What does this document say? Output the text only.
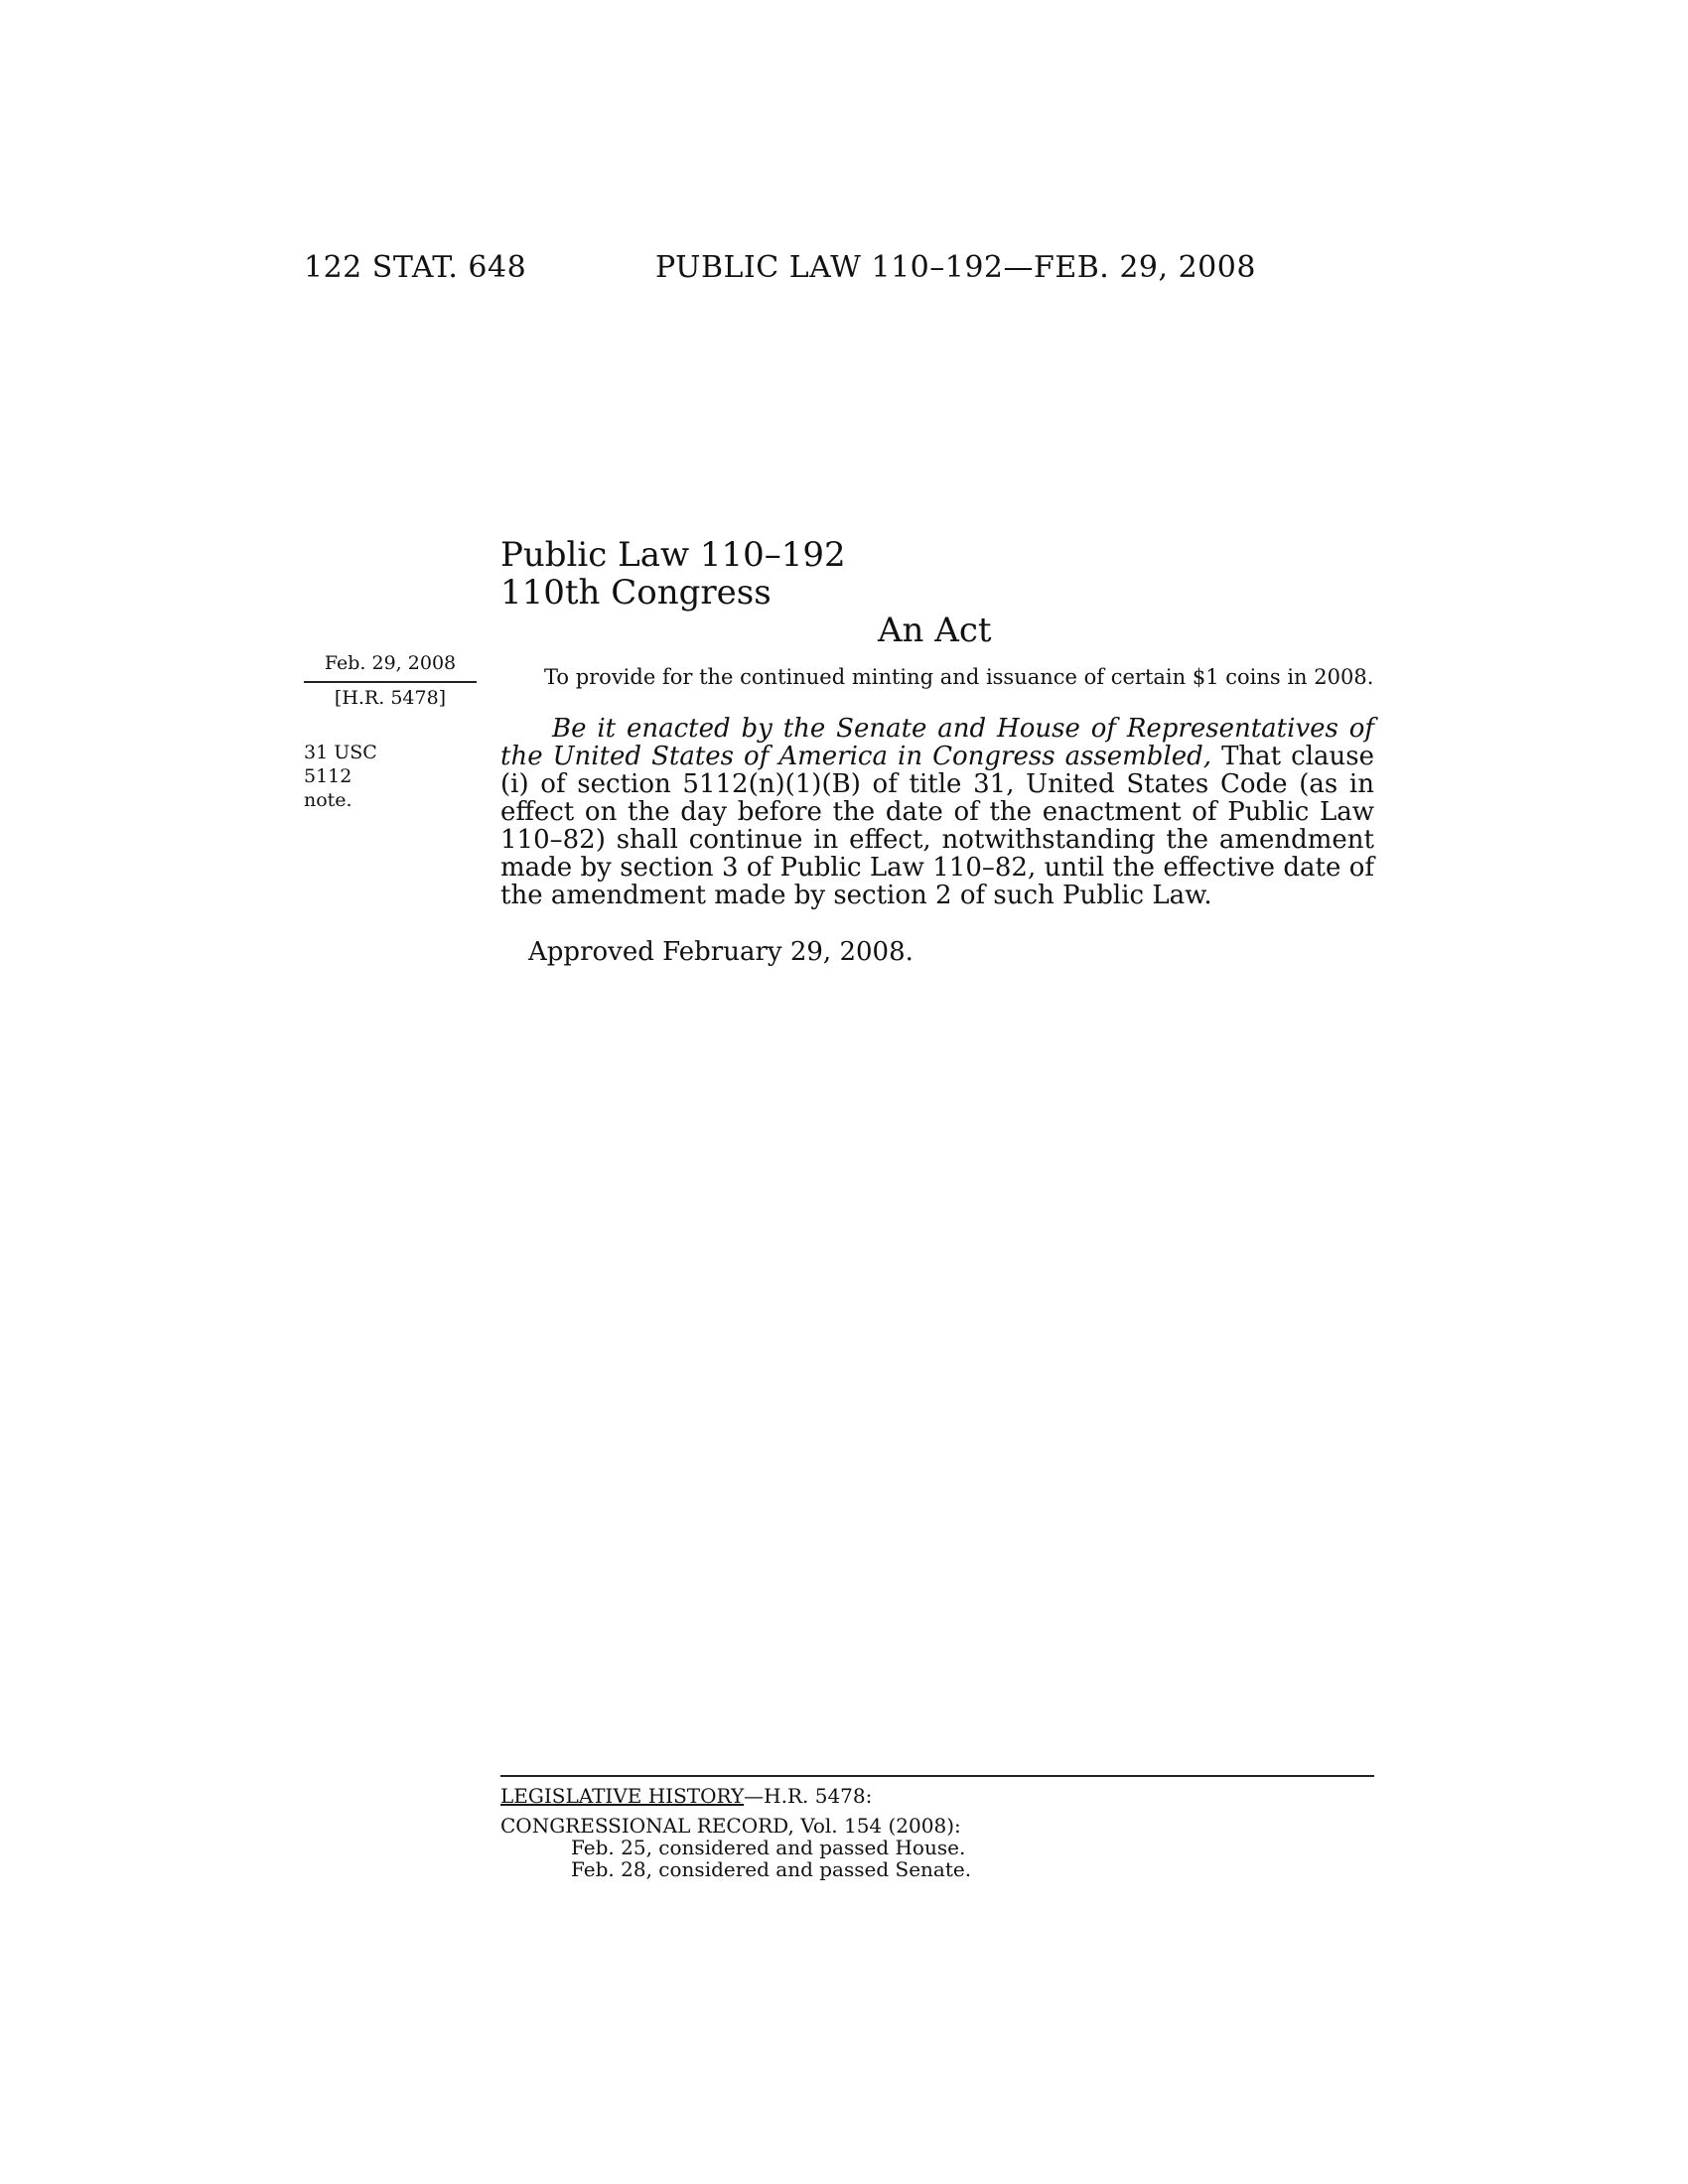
122 STAT. 648	PUBLIC LAW 110–192—FEB. 29, 2008
Public Law 110–192
110th Congress
An Act
Feb. 29, 2008
[H.R. 5478]
To provide for the continued minting and issuance of certain $1 coins in 2008.
31 USC 5112
note.
Be it enacted by the Senate and House of Representatives of the United States of America in Congress assembled, That clause (i) of section 5112(n)(1)(B) of title 31, United States Code (as in effect on the day before the date of the enactment of Public Law 110–82) shall continue in effect, notwithstanding the amendment made by section 3 of Public Law 110–82, until the effective date of the amendment made by section 2 of such Public Law.
Approved February 29, 2008.
LEGISLATIVE HISTORY—H.R. 5478:
CONGRESSIONAL RECORD, Vol. 154 (2008):
Feb. 25, considered and passed House.
Feb. 28, considered and passed Senate.
